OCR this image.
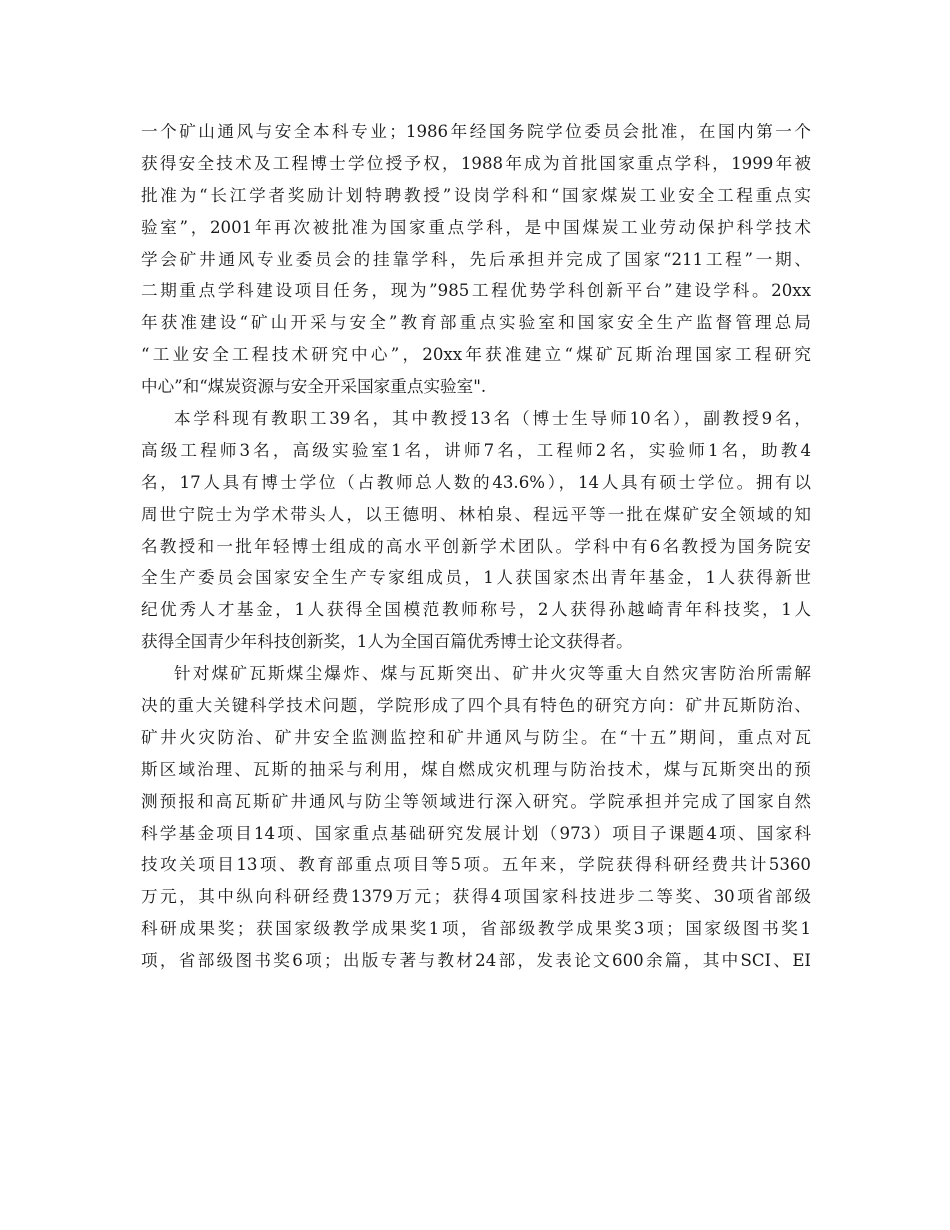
一个矿山通风与安全本科专业；1986年经国务院学位委员会批准，在国内第一个
获得安全技术及工程博士学位授予权，1988年成为首批国家重点学科，1999年被
批准为“长江学者奖励计划特聘教授”设岗学科和“国家煤炭工业安全工程重点实
验室”，2001年再次被批准为国家重点学科，是中国煤炭工业劳动保护科学技术
学会矿井通风专业委员会的挂靠学科，先后承担并完成了国家“211工程”一期、
二期重点学科建设项目任务，现为”985工程优势学科创新平台”建设学科。20xx
年获准建设“矿山开采与安全”教育部重点实验室和国家安全生产监督管理总局
“工业安全工程技术研究中心”，20xx年获准建立“煤矿瓦斯治理国家工程研究
中心”和“煤炭资源与安全开采国家重点实验室".
本学科现有教职工39名，其中教授13名（博士生导师10名），副教授9名，
高级工程师3名，高级实验室1名，讲师7名，工程师2名，实验师1名，助教4
名，17人具有博士学位（占教师总人数的43.6%），14人具有硕士学位。拥有以
周世宁院士为学术带头人，以王德明、林柏泉、程远平等一批在煤矿安全领域的知
名教授和一批年轻博士组成的高水平创新学术团队。学科中有6名教授为国务院安
全生产委员会国家安全生产专家组成员，1人获国家杰出青年基金，1人获得新世
纪优秀人才基金，1人获得全国模范教师称号，2人获得孙越崎青年科技奖，1人
获得全国青少年科技创新奖，1人为全国百篇优秀博士论文获得者。
针对煤矿瓦斯煤尘爆炸、煤与瓦斯突出、矿井火灾等重大自然灾害防治所需解
决的重大关键科学技术问题，学院形成了四个具有特色的研究方向：矿井瓦斯防治、
矿井火灾防治、矿井安全监测监控和矿井通风与防尘。在“十五”期间，重点对瓦
斯区域治理、瓦斯的抽采与利用，煤自燃成灾机理与防治技术，煤与瓦斯突出的预
测预报和高瓦斯矿井通风与防尘等领域进行深入研究。学院承担并完成了国家自然
科学基金项目14项、国家重点基础研究发展计划（973）项目子课题4项、国家科
技攻关项目13项、教育部重点项目等5项。五年来，学院获得科研经费共计5360
万元，其中纵向科研经费1379万元；获得4项国家科技进步二等奖、30项省部级
科研成果奖；获国家级教学成果奖1项，省部级教学成果奖3项；国家级图书奖1
项，省部级图书奖6项；出版专著与教材24部，发表论文600余篇，其中SCI、EI
